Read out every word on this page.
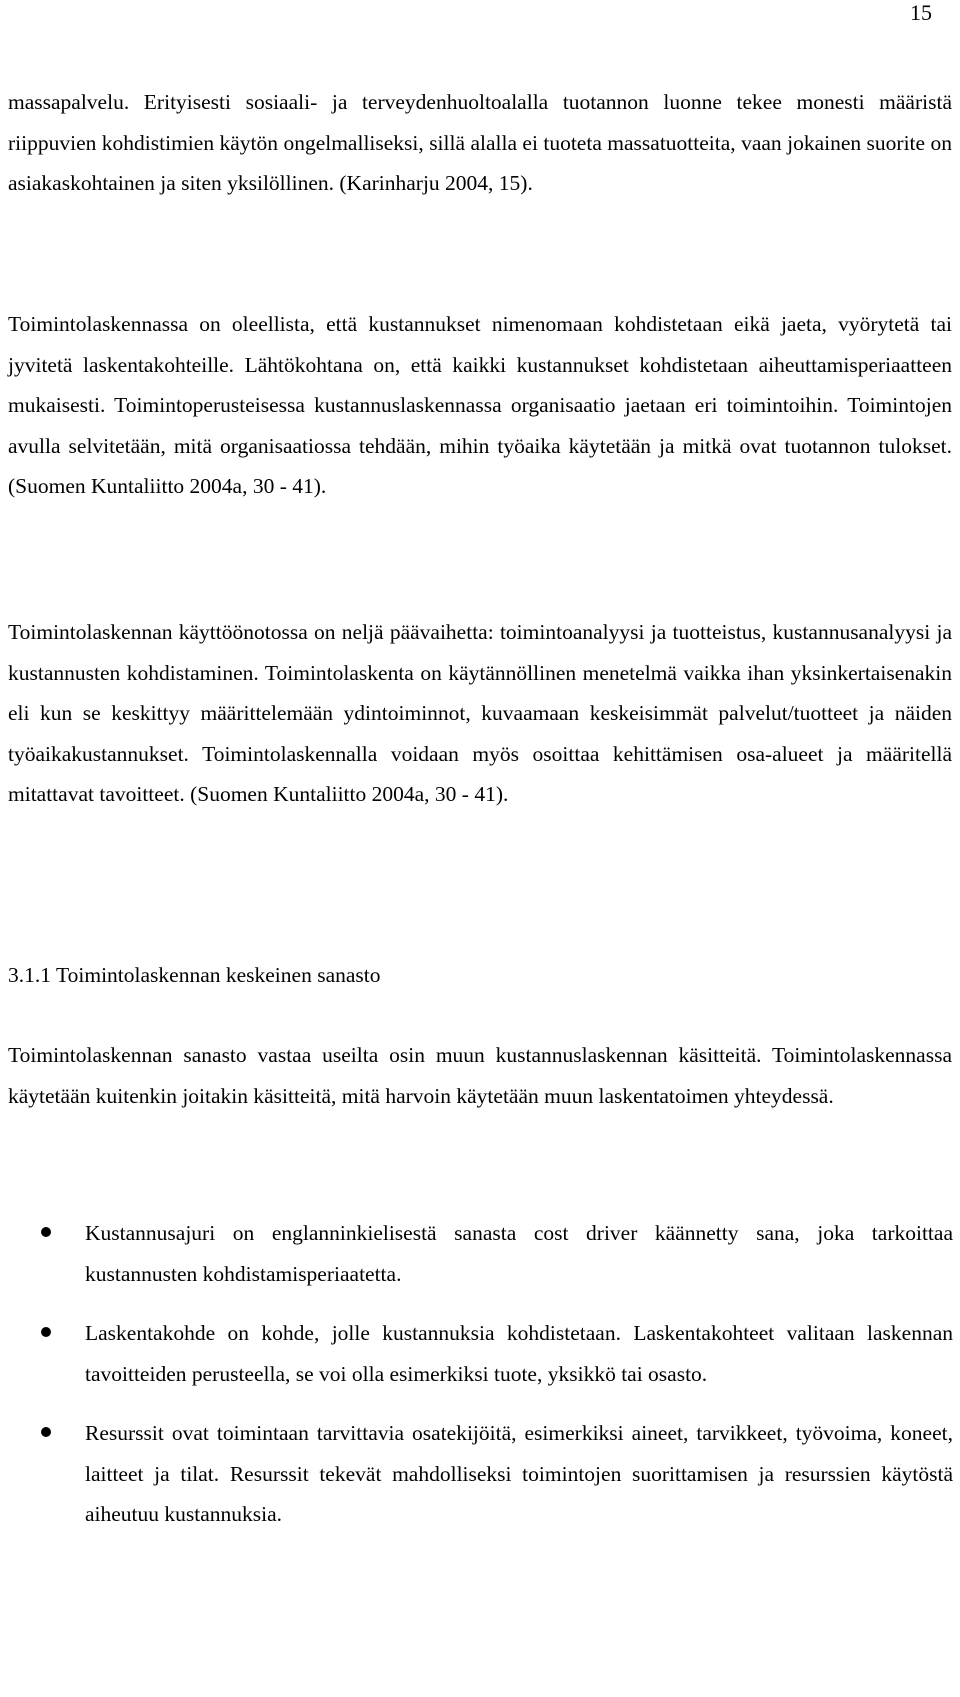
15

massapalvelu. Erityisesti sosiaali- ja terveydenhuoltoalalla tuotannon luonne tekee monesti määristä riippuvien kohdistimien käytön ongelmalliseksi, sillä alalla ei tuoteta massatuotteita, vaan jokainen suorite on asiakaskohtainen ja siten yksilöllinen. (Karinharju 2004, 15).

Toimintolaskennassa on oleellista, että kustannukset nimenomaan kohdistetaan eikä jaeta, vyörytetä tai jyvitetä laskentakohteille. Lähtökohtana on, että kaikki kustannukset kohdistetaan aiheuttamisperiaatteen mukaisesti. Toimintoperusteisessa kustannuslaskennassa organisaatio jaetaan eri toimintoihin. Toimintojen avulla selvitetään, mitä organisaatiossa tehdään, mihin työaika käytetään ja mitkä ovat tuotannon tulokset. (Suomen Kuntaliitto 2004a, 30 - 41).

Toimintolaskennan käyttöönotossa on neljä päävaihetta: toimintoanalyysi ja tuotteistus, kustannusanalyysi ja kustannusten kohdistaminen. Toimintolaskenta on käytännöllinen menetelmä vaikka ihan yksinkertaisenakin eli kun se keskittyy määrittelemään ydintoiminnot, kuvaamaan keskeisimmät palvelut/tuotteet ja näiden työaikakustannukset. Toimintolaskennalla voidaan myös osoittaa kehittämisen osa-alueet ja määritellä mitattavat tavoitteet. (Suomen Kuntaliitto 2004a, 30 - 41).

3.1.1 Toimintolaskennan keskeinen sanasto

Toimintolaskennan sanasto vastaa useilta osin muun kustannuslaskennan käsitteitä. Toimintolaskennassa käytetään kuitenkin joitakin käsitteitä, mitä harvoin käytetään muun laskentatoimen yhteydessä.

Kustannusajuri on englanninkielisestä sanasta cost driver käännetty sana, joka tarkoittaa kustannusten kohdistamisperiaatetta.
Laskentakohde on kohde, jolle kustannuksia kohdistetaan. Laskentakohteet valitaan laskennan tavoitteiden perusteella, se voi olla esimerkiksi tuote, yksikkö tai osasto.
Resurssit ovat toimintaan tarvittavia osatekijöitä, esimerkiksi aineet, tarvikkeet, työvoima, koneet, laitteet ja tilat. Resurssit tekevät mahdolliseksi toimintojen suorittamisen ja resurssien käytöstä aiheutuu kustannuksia.
